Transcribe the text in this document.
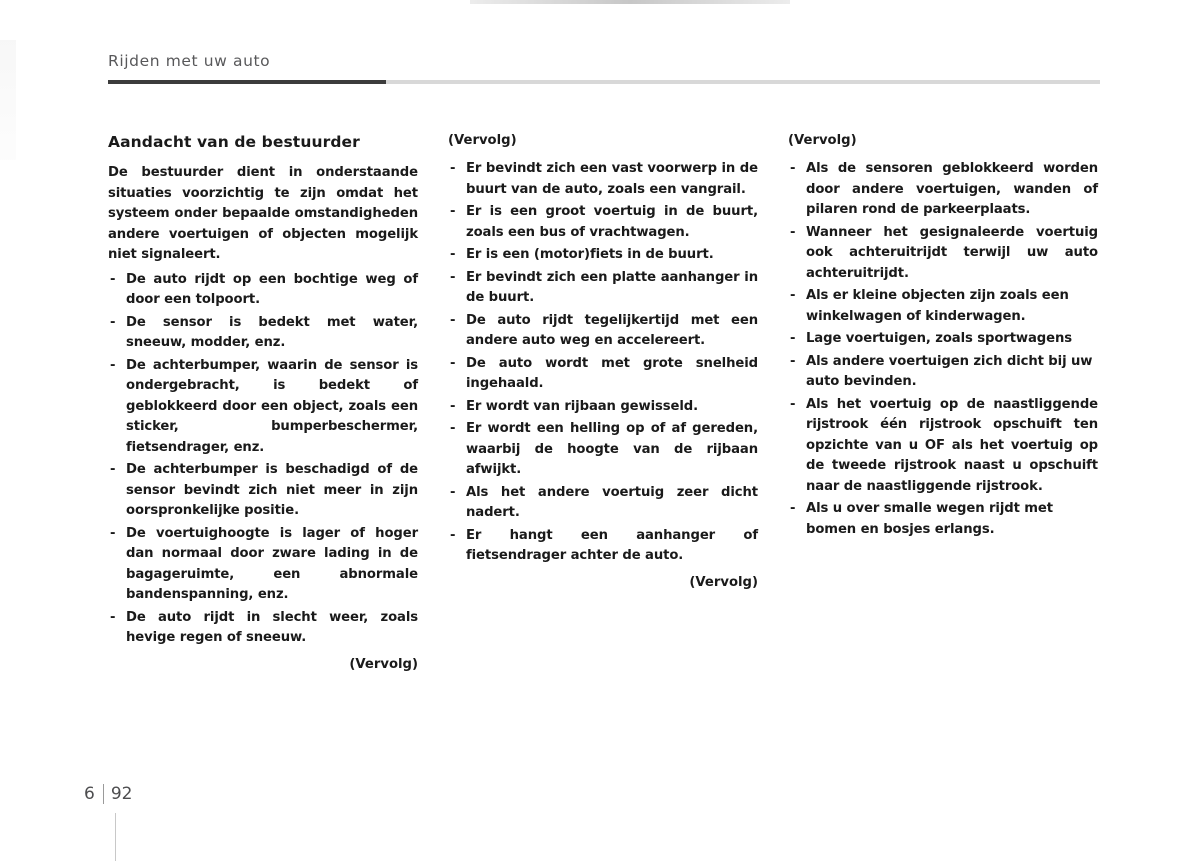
Rijden met uw auto
Aandacht van de bestuurder

De bestuurder dient in onderstaande situaties voorzichtig te zijn omdat het systeem onder bepaalde omstandigheden andere voertuigen of objecten mogelijk niet signaleert.

- De auto rijdt op een bochtige weg of door een tolpoort.
- De sensor is bedekt met water, sneeuw, modder, enz.
- De achterbumper, waarin de sensor is ondergebracht, is bedekt of geblokkeerd door een object, zoals een sticker, bumperbeschermer, fietsendrager, enz.
- De achterbumper is beschadigd of de sensor bevindt zich niet meer in zijn oorspronkelijke positie.
- De voertuighoogte is lager of hoger dan normaal door zware lading in de bagageruimte, een abnormale bandenspanning, enz.
- De auto rijdt in slecht weer, zoals hevige regen of sneeuw.
(Vervolg)
(Vervolg)
- Er bevindt zich een vast voorwerp in de buurt van de auto, zoals een vangrail.
- Er is een groot voertuig in de buurt, zoals een bus of vrachtwagen.
- Er is een (motor)fiets in de buurt.
- Er bevindt zich een platte aanhanger in de buurt.
- De auto rijdt tegelijkertijd met een andere auto weg en accelereert.
- De auto wordt met grote snelheid ingehaald.
- Er wordt van rijbaan gewisseld.
- Er wordt een helling op of af gereden, waarbij de hoogte van de rijbaan afwijkt.
- Als het andere voertuig zeer dicht nadert.
- Er hangt een aanhanger of fietsendrager achter de auto.
(Vervolg)
(Vervolg)
- Als de sensoren geblokkeerd worden door andere voertuigen, wanden of pilaren rond de parkeerplaats.
- Wanneer het gesignaleerde voertuig ook achteruitrijdt terwijl uw auto achteruitrijdt.
- Als er kleine objecten zijn zoals een winkelwagen of kinderwagen.
- Lage voertuigen, zoals sportwagens
- Als andere voertuigen zich dicht bij uw auto bevinden.
- Als het voertuig op de naastliggende rijstrook één rijstrook opschuift ten opzichte van u OF als het voertuig op de tweede rijstrook naast u opschuift naar de naastliggende rijstrook.
- Als u over smalle wegen rijdt met bomen en bosjes erlangs.
6 92
